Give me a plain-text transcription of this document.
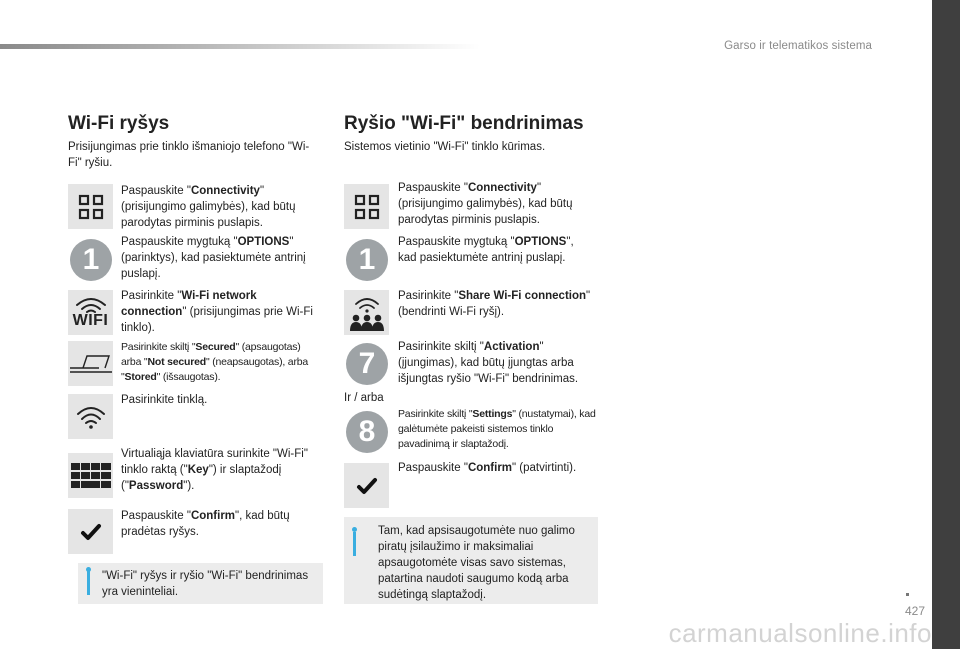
Garso ir telematikos sistema
427
carmanualsonline.info
Wi-Fi ryšys
Prisijungimas prie tinklo išmaniojo telefono "Wi-Fi" ryšiu.
Paspauskite "Connectivity" (prisijungimo galimybės), kad būtų parodytas pirminis puslapis.
1
Paspauskite mygtuką "OPTIONS" (parinktys), kad pasiektumėte antrinį puslapį.
WIFI
Pasirinkite "Wi-Fi network connection" (prisijungimas prie Wi-Fi tinklo).
Pasirinkite skiltį "Secured" (apsaugotas) arba "Not secured" (neapsaugotas), arba "Stored" (išsaugotas).
Pasirinkite tinklą.
Virtualiąja klaviatūra surinkite "Wi-Fi" tinklo raktą ("Key") ir slaptažodį ("Password").
Paspauskite "Confirm", kad būtų pradėtas ryšys.
"Wi-Fi" ryšys ir ryšio "Wi-Fi" bendrinimas yra vieninteliai.
Ryšio "Wi-Fi" bendrinimas
Sistemos vietinio "Wi-Fi" tinklo kūrimas.
Paspauskite "Connectivity" (prisijungimo galimybės), kad būtų parodytas pirminis puslapis.
1
Paspauskite mygtuką "OPTIONS", kad pasiektumėte antrinį puslapį.
Pasirinkite "Share Wi-Fi connection" (bendrinti Wi-Fi ryšį).
7	Pasirinkite skiltį "Activation" (įjungimas), kad būtų įjungtas arba išjungtas ryšio "Wi-Fi" bendrinimas.
Ir / arba
8
Pasirinkite skiltį "Settings" (nustatymai), kad galėtumėte pakeisti sistemos tinklo pavadinimą ir slaptažodį.
Paspauskite "Confirm" (patvirtinti).
Tam, kad apsisaugotumėte nuo galimo piratų įsilaužimo ir maksimaliai apsaugotomėte visas savo sistemas, patartina naudoti saugumo kodą arba sudėtingą slaptažodį.
